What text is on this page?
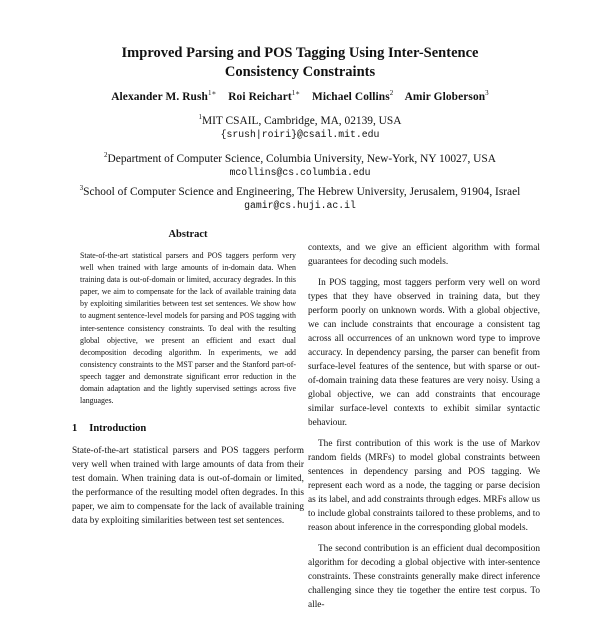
Improved Parsing and POS Tagging Using Inter-Sentence
Consistency Constraints
Alexander M. Rush$^{1∗}$ Roi Reichart$^{1∗}$ Michael Collins$^2$ Amir Globerson$^3$
$^1$MIT CSAIL, Cambridge, MA, 02139, USA
{srush|roiri}@csail.mit.edu
$^2$Department of Computer Science, Columbia University, New-York, NY 10027, USA
mcollins@cs.columbia.edu
$^3$School of Computer Science and Engineering, The Hebrew University, Jerusalem, 91904, Israel
gamir@cs.huji.ac.il
Abstract
State-of-the-art statistical parsers and POS taggers perform very well when trained with large amounts of in-domain data. When training data is out-of-domain or limited, accuracy degrades. In this paper, we aim to compensate for the lack of available training data by exploiting similarities between test set sentences. We show how to augment sentence-level models for parsing and POS tagging with inter-sentence consistency constraints. To deal with the resulting global objective, we present an efficient and exact dual decomposition decoding algorithm. In experiments, we add consistency constraints to the MST parser and the Stanford part-of-speech tagger and demonstrate significant error reduction in the domain adaptation and the lightly supervised settings across five languages.
1 Introduction

State-of-the-art statistical parsers and POS taggers perform very well when trained with large amounts of data from their test domain. When training data is out-of-domain or limited, the performance of the resulting model often degrades. In this paper, we aim to compensate for the lack of available training data by exploiting similarities between test set sentences.

contexts, and we give an efficient algorithm with formal guarantees for decoding such models.

In POS tagging, most taggers perform very well on word types that they have observed in training data, but they perform poorly on unknown words. With a global objective, we can include constraints that encourage a consistent tag across all occurrences of an unknown word type to improve accuracy. In dependency parsing, the parser can benefit from surface-level features of the sentence, but with sparse or out-of-domain training data these features are very noisy. Using a global objective, we can add constraints that encourage similar surface-level contexts to exhibit similar syntactic behaviour.

The first contribution of this work is the use of Markov random fields (MRFs) to model global constraints between sentences in dependency parsing and POS tagging. We represent each word as a node, the tagging or parse decision as its label, and add constraints through edges. MRFs allow us to include global constraints tailored to these problems, and to reason about inference in the corresponding global models.

The second contribution is an efficient dual decomposition algorithm for decoding a global objective with inter-sentence constraints. These constraints generally make direct inference challenging since they tie together the entire test corpus. To alle-
